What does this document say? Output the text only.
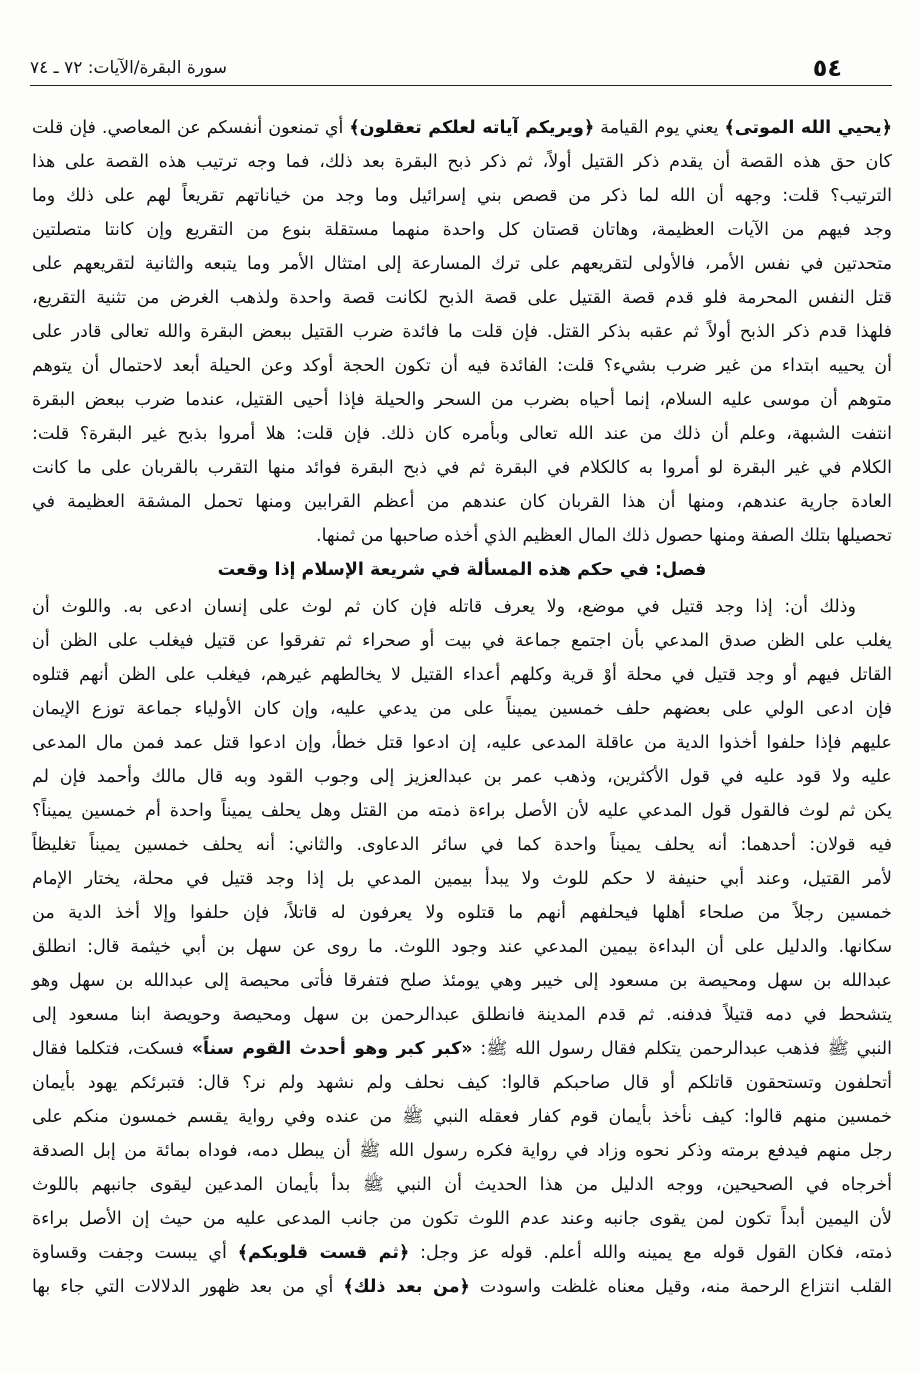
٥٤
سورة البقرة/الآيات: ٧٢ ـ ٧٤
﴿يحيي الله الموتى﴾ يعني يوم القيامة ﴿ويريكم آياته لعلكم تعقلون﴾ أي تمنعون أنفسكم عن المعاصي. فإن قلت
كان حق هذه القصة أن يقدم ذكر القتيل أولاً، ثم ذكر ذبح البقرة بعد ذلك، فما وجه ترتيب هذه القصة على هذا
الترتيب؟ قلت: وجهه أن الله لما ذكر من قصص بني إسرائيل وما وجد من خياناتهم تقريعاً لهم على ذلك وما
وجد فيهم من الآيات العظيمة، وهاتان قصتان كل واحدة منهما مستقلة بنوع من التقريع وإن كانتا متصلتين
متحدتين في نفس الأمر، فالأولى لتقريعهم على ترك المسارعة إلى امتثال الأمر وما يتبعه والثانية لتقريعهم على
قتل النفس المحرمة فلو قدم قصة القتيل على قصة الذبح لكانت قصة واحدة ولذهب الغرض من تثنية التقريع،
فلهذا قدم ذكر الذبح أولاً ثم عقبه بذكر القتل. فإن قلت ما فائدة ضرب القتيل ببعض البقرة والله تعالى قادر على
أن يحييه ابتداء من غير ضرب بشيء؟ قلت: الفائدة فيه أن تكون الحجة أوكد وعن الحيلة أبعد لاحتمال أن يتوهم
متوهم أن موسى عليه السلام، إنما أحياه بضرب من السحر والحيلة فإذا أحيى القتيل، عندما ضرب ببعض البقرة
انتفت الشبهة، وعلم أن ذلك من عند الله تعالى وبأمره كان ذلك. فإن قلت: هلا أمروا بذبح غير البقرة؟ قلت:
الكلام في غير البقرة لو أمروا به كالكلام في البقرة ثم في ذبح البقرة فوائد منها التقرب بالقربان على ما كانت
العادة جارية عندهم، ومنها أن هذا القربان كان عندهم من أعظم القرابين ومنها تحمل المشقة العظيمة في
تحصيلها بتلك الصفة ومنها حصول ذلك المال العظيم الذي أخذه صاحبها من ثمنها.
فصل: في حكم هذه المسألة في شريعة الإسلام إذا وقعت
وذلك أن: إذا وجد قتيل في موضع، ولا يعرف قاتله فإن كان ثم لوث على إنسان ادعى به. واللوث أن
يغلب على الظن صدق المدعي بأن اجتمع جماعة في بيت أو صحراء ثم تفرقوا عن قتيل فيغلب على الظن أن
القاتل فيهم أو وجد قتيل في محلة أوْ قرية وكلهم أعداء القتيل لا يخالطهم غيرهم، فيغلب على الظن أنهم قتلوه
فإن ادعى الولي على بعضهم حلف خمسين يميناً على من يدعي عليه، وإن كان الأولياء جماعة توزع الإيمان
عليهم فإذا حلفوا أخذوا الدية من عاقلة المدعى عليه، إن ادعوا قتل خطأ، وإن ادعوا قتل عمد فمن مال المدعى
عليه ولا قود عليه في قول الأكثرين، وذهب عمر بن عبدالعزيز إلى وجوب القود وبه قال مالك وأحمد فإن لم
يكن ثم لوث فالقول قول المدعي عليه لأن الأصل براءة ذمته من القتل وهل يحلف يميناً واحدة أم خمسين يميناً؟
فيه قولان: أحدهما: أنه يحلف يميناً واحدة كما في سائر الدعاوى. والثاني: أنه يحلف خمسين يميناً تغليظاً
لأمر القتيل، وعند أبي حنيفة لا حكم للوث ولا يبدأ بيمين المدعي بل إذا وجد قتيل في محلة، يختار الإمام
خمسين رجلاً من صلحاء أهلها فيحلفهم أنهم ما قتلوه ولا يعرفون له قاتلاً، فإن حلفوا وإلا أخذ الدية من
سكانها. والدليل على أن البداءة بيمين المدعي عند وجود اللوث. ما روى عن سهل بن أبي خيثمة قال: انطلق
عبدالله بن سهل ومحيصة بن مسعود إلى خيبر وهي يومئذ صلح فتفرقا فأتى محيصة إلى عبدالله بن سهل وهو
يتشحط في دمه قتيلاً فدفنه. ثم قدم المدينة فانطلق عبدالرحمن بن سهل ومحيصة وحويصة ابنا مسعود إلى
النبي ﷺ فذهب عبدالرحمن يتكلم فقال رسول الله ﷺ: «كبر كبر وهو أحدث القوم سناً» فسكت، فتكلما فقال
أتحلفون وتستحقون قاتلكم أو قال صاحبكم قالوا: كيف نحلف ولم نشهد ولم نر؟ قال: فتبرئكم يهود بأيمان
خمسين منهم قالوا: كيف نأخذ بأيمان قوم كفار فعقله النبي ﷺ من عنده وفي رواية يقسم خمسون منكم على
رجل منهم فيدفع برمته وذكر نحوه وزاد في رواية فكره رسول الله ﷺ أن يبطل دمه، فوداه بمائة من إبل الصدقة
أخرجاه في الصحيحين، ووجه الدليل من هذا الحديث أن النبي ﷺ بدأ بأيمان المدعين ليقوى جانبهم باللوث
لأن اليمين أبداً تكون لمن يقوى جانبه وعند عدم اللوث تكون من جانب المدعى عليه من حيث إن الأصل براءة
ذمته، فكان القول قوله مع يمينه والله أعلم. قوله عز وجل: ﴿ثم قست قلوبكم﴾ أي يبست وجفت وقساوة
القلب انتزاع الرحمة منه، وقيل معناه غلظت واسودت ﴿من بعد ذلك﴾ أي من بعد ظهور الدلالات التي جاء بها
